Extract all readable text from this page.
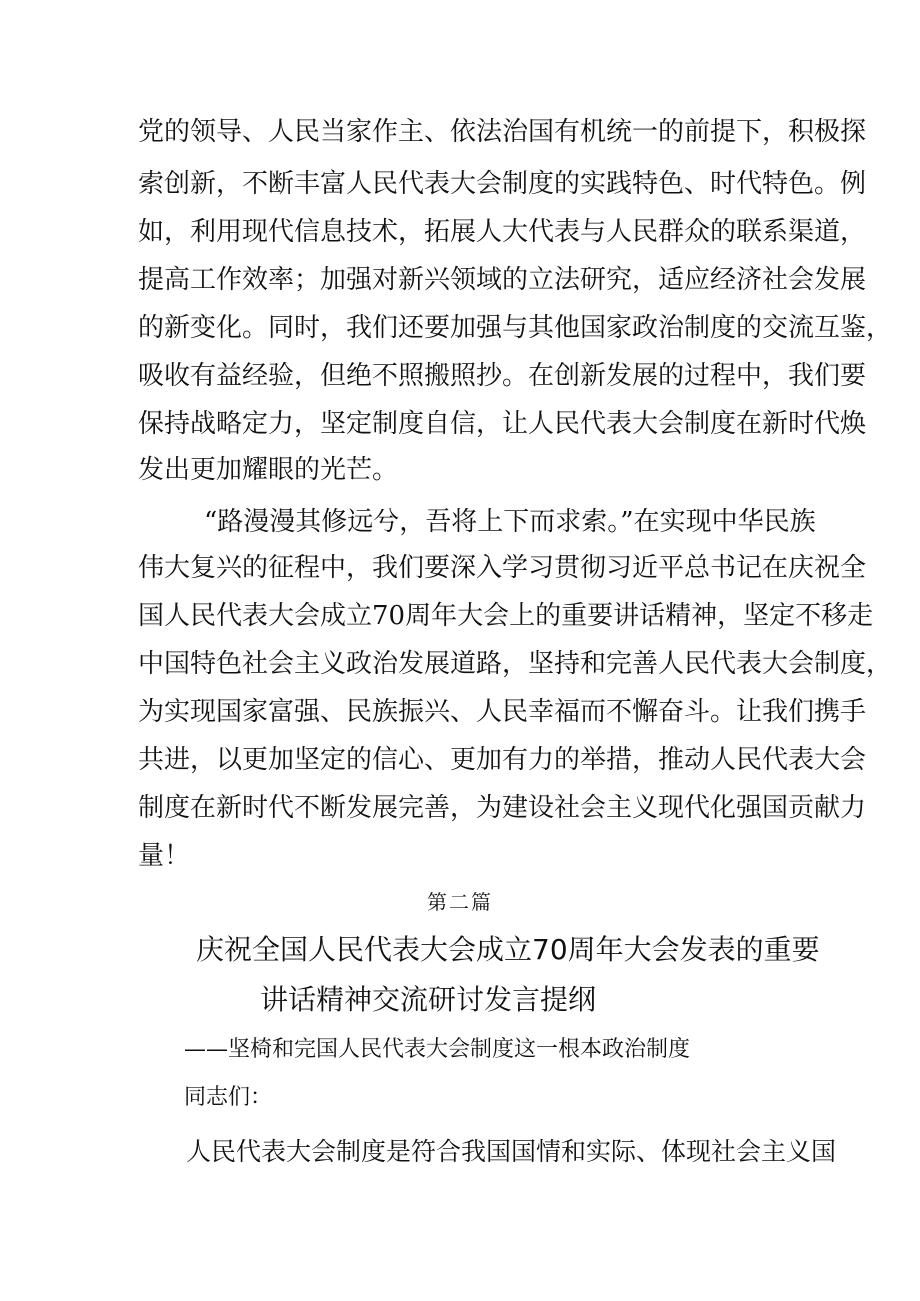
党的领导、人民当家作主、依法治国有机统一的前提下，积极探
索创新，不断丰富人民代表大会制度的实践特色、时代特色。例
如，利用现代信息技术，拓展人大代表与人民群众的联系渠道，
提高工作效率；加强对新兴领域的立法研究，适应经济社会发展
的新变化。同时，我们还要加强与其他国家政治制度的交流互鉴，
吸收有益经验，但绝不照搬照抄。在创新发展的过程中，我们要
保持战略定力，坚定制度自信，让人民代表大会制度在新时代焕
发出更加耀眼的光芒。
“路漫漫其修远兮，吾将上下而求索。”在实现中华民族
伟大复兴的征程中，我们要深入学习贯彻习近平总书记在庆祝全
国人民代表大会成立70周年大会上的重要讲话精神，坚定不移走
中国特色社会主义政治发展道路，坚持和完善人民代表大会制度，
为实现国家富强、民族振兴、人民幸福而不懈奋斗。让我们携手
共进，以更加坚定的信心、更加有力的举措，推动人民代表大会
制度在新时代不断发展完善，为建设社会主义现代化强国贡献力
量！
第二篇
庆祝全国人民代表大会成立70周年大会发表的重要
讲话精神交流研讨发言提纲
——坚椅和完国人民代表大会制度这一根本政治制度
同志们：
人民代表大会制度是符合我国国情和实际、体现社会主义国
